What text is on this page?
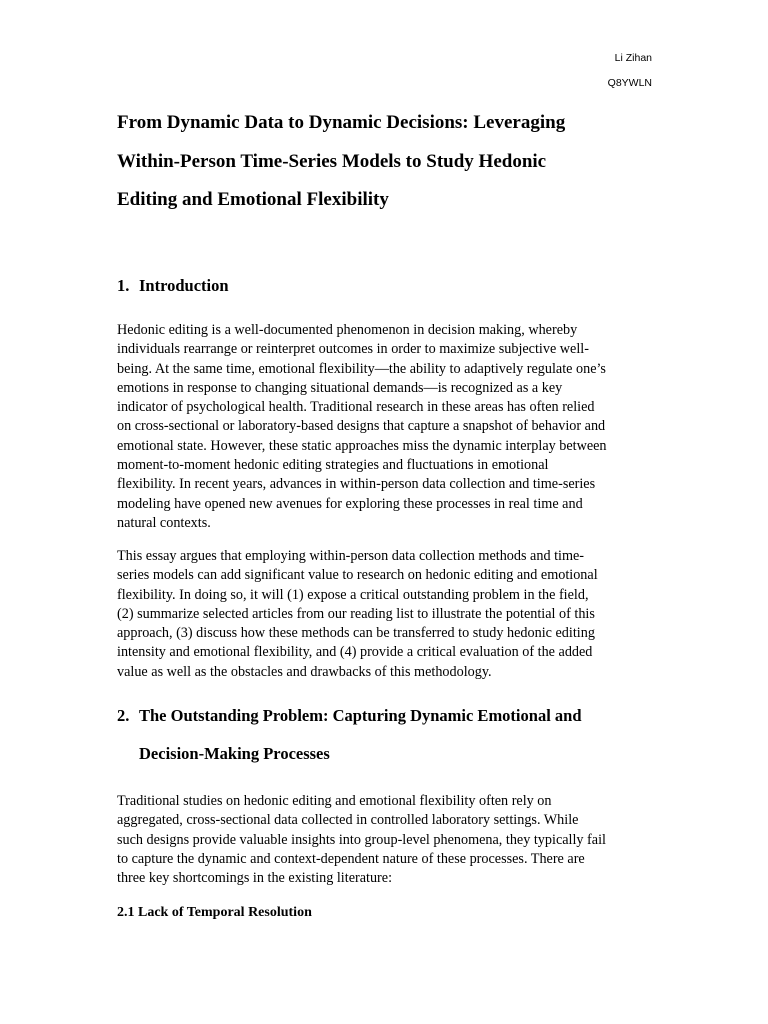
Li Zihan
Q8YWLN
From Dynamic Data to Dynamic Decisions: Leveraging
Within-Person Time-Series Models to Study Hedonic
Editing and Emotional Flexibility
1. Introduction
Hedonic editing is a well-documented phenomenon in decision making, whereby
individuals rearrange or reinterpret outcomes in order to maximize subjective well-
being. At the same time, emotional flexibility—the ability to adaptively regulate one’s
emotions in response to changing situational demands—is recognized as a key
indicator of psychological health. Traditional research in these areas has often relied
on cross-sectional or laboratory-based designs that capture a snapshot of behavior and
emotional state. However, these static approaches miss the dynamic interplay between
moment-to-moment hedonic editing strategies and fluctuations in emotional
flexibility. In recent years, advances in within-person data collection and time-series
modeling have opened new avenues for exploring these processes in real time and
natural contexts.
This essay argues that employing within-person data collection methods and time-
series models can add significant value to research on hedonic editing and emotional
flexibility. In doing so, it will (1) expose a critical outstanding problem in the field,
(2) summarize selected articles from our reading list to illustrate the potential of this
approach, (3) discuss how these methods can be transferred to study hedonic editing
intensity and emotional flexibility, and (4) provide a critical evaluation of the added
value as well as the obstacles and drawbacks of this methodology.
2. The Outstanding Problem: Capturing Dynamic Emotional and
Decision-Making Processes
Traditional studies on hedonic editing and emotional flexibility often rely on
aggregated, cross-sectional data collected in controlled laboratory settings. While
such designs provide valuable insights into group-level phenomena, they typically fail
to capture the dynamic and context-dependent nature of these processes. There are
three key shortcomings in the existing literature:
2.1 Lack of Temporal Resolution
